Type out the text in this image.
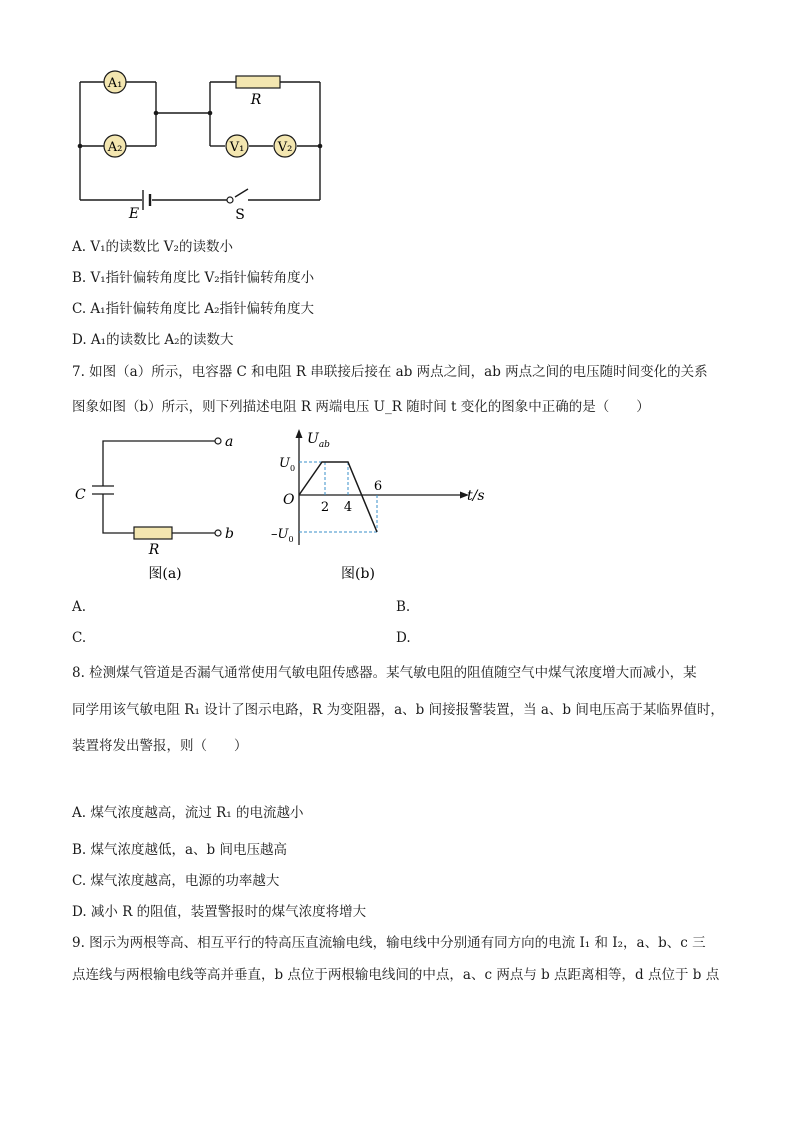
A₁
A₂	V₁	V₂
R
E	S
A. V₁的读数比 V₂的读数小
B. V₁指针偏转角度比 V₂指针偏转角度小
C. A₁指针偏转角度比 A₂指针偏转角度大
D. A₁的读数比 A₂的读数大
7. 如图（a）所示，电容器 C 和电阻 R 串联接后接在 ab 两点之间，ab 两点之间的电压随时间变化的关系
图象如图（b）所示，则下列描述电阻 R 两端电压 U_R 随时间 t 变化的图象中正确的是（　　）
a
b
C
R
图(a)
$U_{ab}$
$U_0$
O
$-U_0$
2 4
6
t/s
图(b)
A.	B.
C.	D.
8. 检测煤气管道是否漏气通常使用气敏电阻传感器。某气敏电阻的阻值随空气中煤气浓度增大而减小，某
同学用该气敏电阻 R₁ 设计了图示电路，R 为变阻器，a、b 间接报警装置，当 a、b 间电压高于某临界值时，
装置将发出警报，则（　　）
A. 煤气浓度越高，流过 R₁ 的电流越小
B. 煤气浓度越低，a、b 间电压越高
C. 煤气浓度越高，电源的功率越大
D. 减小 R 的阻值，装置警报时的煤气浓度将增大
9. 图示为两根等高、相互平行的特高压直流输电线，输电线中分别通有同方向的电流 I₁ 和 I₂，a、b、c 三
点连线与两根输电线等高并垂直，b 点位于两根输电线间的中点，a、c 两点与 b 点距离相等，d 点位于 b 点
